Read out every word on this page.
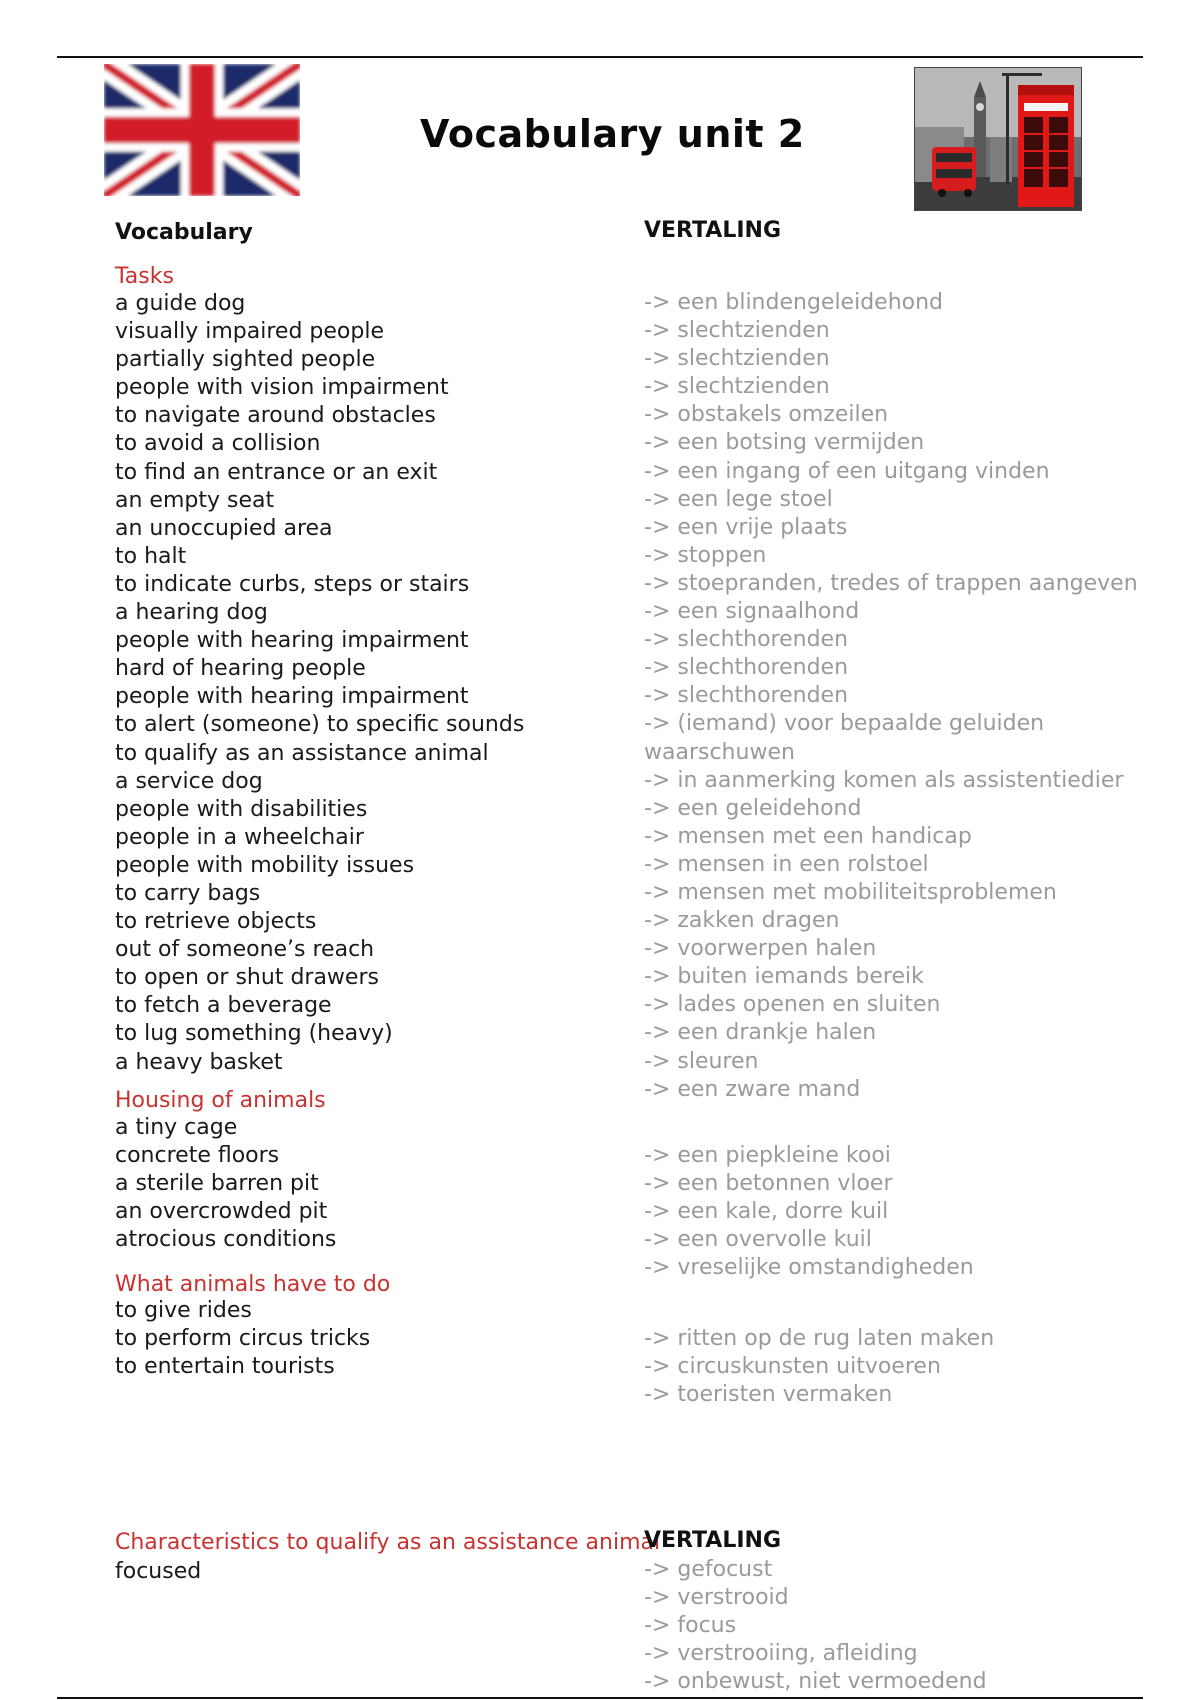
Vocabulary unit 2
Vocabulary	VERTALING
Tasks
a guide dog
visually impaired people
partially sighted people
people with vision impairment
to navigate around obstacles
to avoid a collision
to find an entrance or an exit
an empty seat
an unoccupied area
to halt
to indicate curbs, steps or stairs
a hearing dog
people with hearing impairment
hard of hearing people
people with hearing impairment
to alert (someone) to specific sounds
to qualify as an assistance animal
a service dog
people with disabilities
people in a wheelchair
people with mobility issues
to carry bags
to retrieve objects
out of someone’s reach
to open or shut drawers
to fetch a beverage
to lug something (heavy)
a heavy basket
-> een blindengeleidehond
-> slechtzienden
-> slechtzienden
-> slechtzienden
-> obstakels omzeilen
-> een botsing vermijden
-> een ingang of een uitgang vinden
-> een lege stoel
-> een vrije plaats
-> stoppen
-> stoepranden, tredes of trappen aangeven
-> een signaalhond
-> slechthorenden
-> slechthorenden
-> slechthorenden
-> (iemand) voor bepaalde geluiden
waarschuwen
-> in aanmerking komen als assistentiedier
-> een geleidehond
-> mensen met een handicap
-> mensen in een rolstoel
-> mensen met mobiliteitsproblemen
-> zakken dragen
-> voorwerpen halen
-> buiten iemands bereik
-> lades openen en sluiten
-> een drankje halen
-> sleuren
-> een zware mand
Housing of animals
a tiny cage
concrete floors
a sterile barren pit
an overcrowded pit
atrocious conditions
-> een piepkleine kooi
-> een betonnen vloer
-> een kale, dorre kuil
-> een overvolle kuil
-> vreselijke omstandigheden
What animals have to do
to give rides
to perform circus tricks
to entertain tourists
-> ritten op de rug laten maken
-> circuskunsten uitvoeren
-> toeristen vermaken
Characteristics to qualify as an assistance animal
VERTALING
focused	-> gefocust
-> verstrooid
-> focus
-> verstrooiing, afleiding
-> onbewust, niet vermoedend
